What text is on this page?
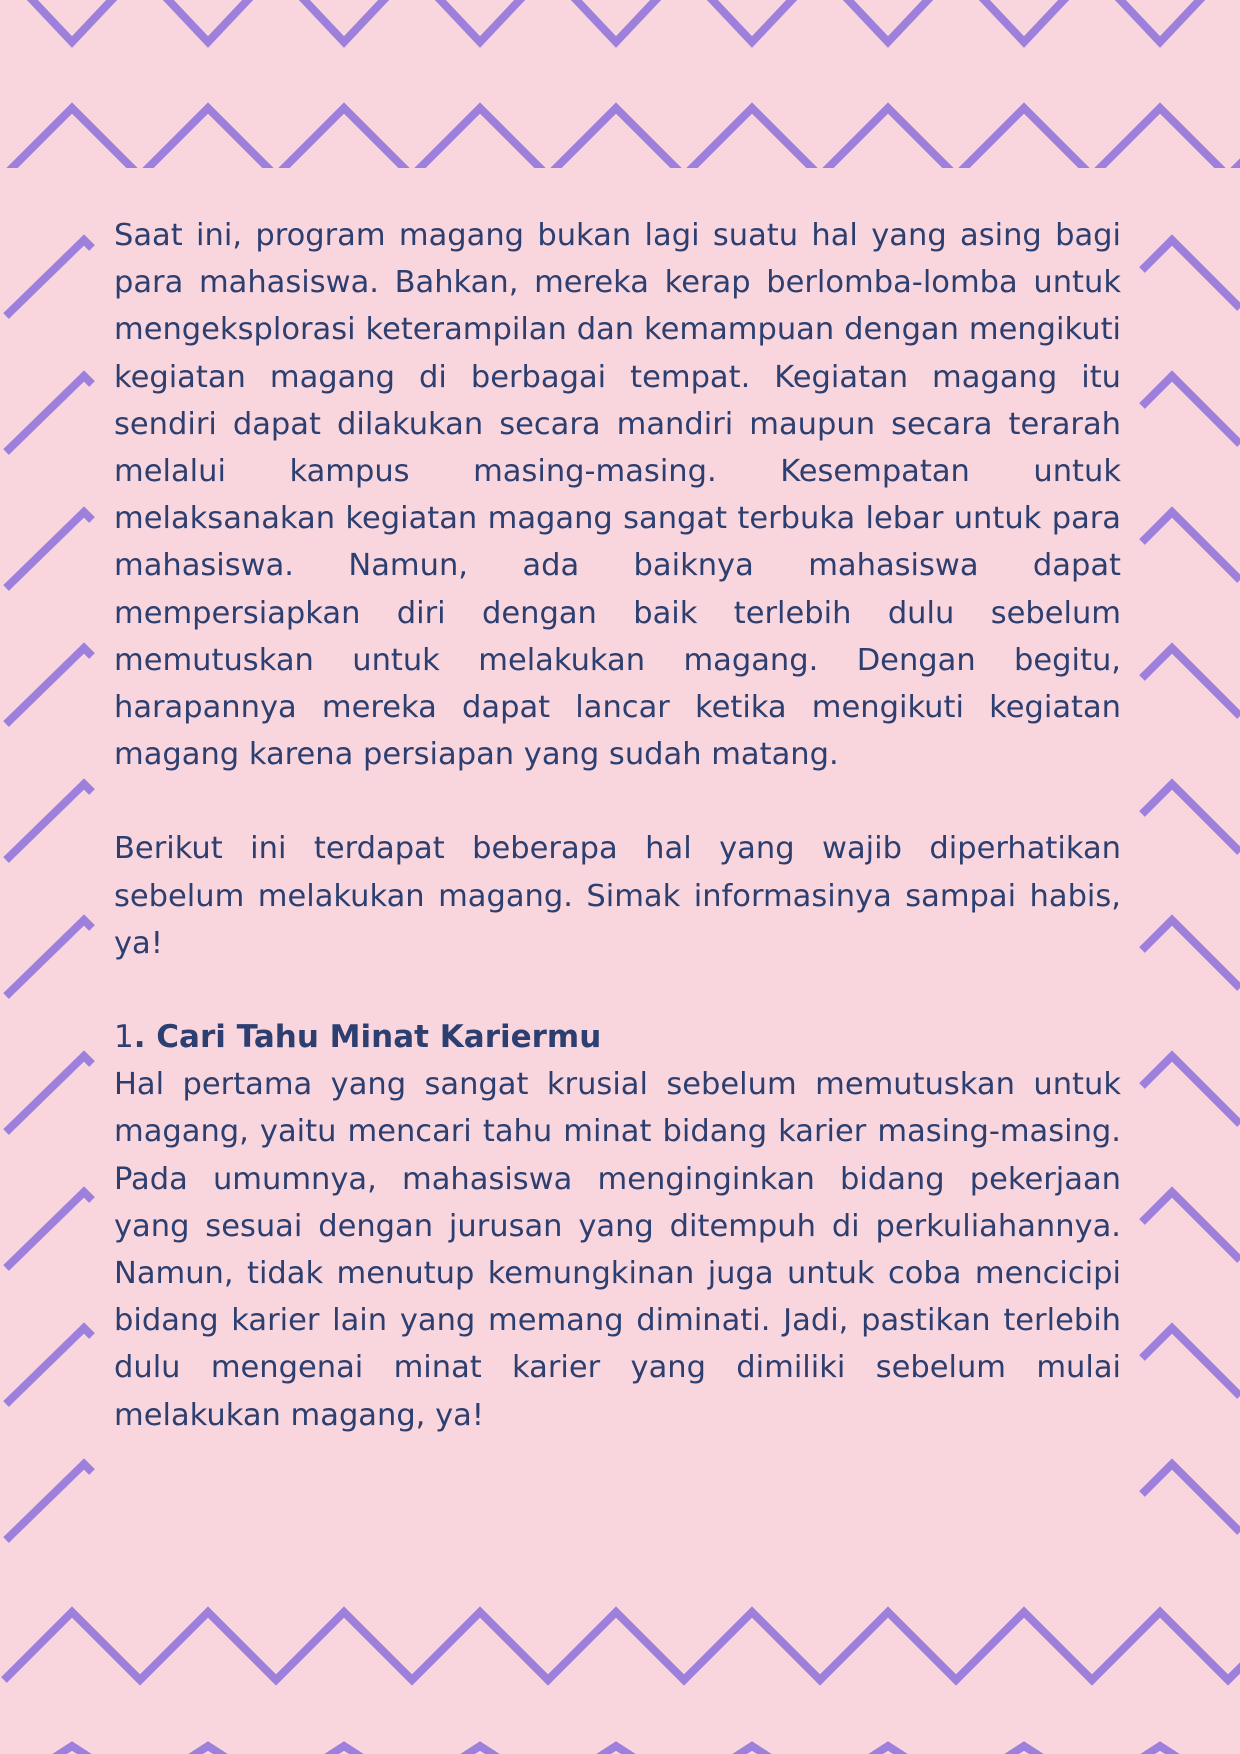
Saat ini, program magang bukan lagi suatu hal yang asing bagi para mahasiswa. Bahkan, mereka kerap berlomba-lomba untuk mengeksplorasi keterampilan dan kemampuan dengan mengikuti kegiatan magang di berbagai tempat. Kegiatan magang itu sendiri dapat dilakukan secara mandiri maupun secara terarah melalui kampus masing-masing. Kesempatan untuk melaksanakan kegiatan magang sangat terbuka lebar untuk para mahasiswa. Namun, ada baiknya mahasiswa dapat mempersiapkan diri dengan baik terlebih dulu sebelum memutuskan untuk melakukan magang. Dengan begitu, harapannya mereka dapat lancar ketika mengikuti kegiatan magang karena persiapan yang sudah matang.

Berikut ini terdapat beberapa hal yang wajib diperhatikan sebelum melakukan magang. Simak informasinya sampai habis, ya!

1. Cari Tahu Minat Kariermu

Hal pertama yang sangat krusial sebelum memutuskan untuk magang, yaitu mencari tahu minat bidang karier masing-masing. Pada umumnya, mahasiswa menginginkan bidang pekerjaan yang sesuai dengan jurusan yang ditempuh di perkuliahannya. Namun, tidak menutup kemungkinan juga untuk coba mencicipi bidang karier lain yang memang diminati. Jadi, pastikan terlebih dulu mengenai minat karier yang dimiliki sebelum mulai melakukan magang, ya!
